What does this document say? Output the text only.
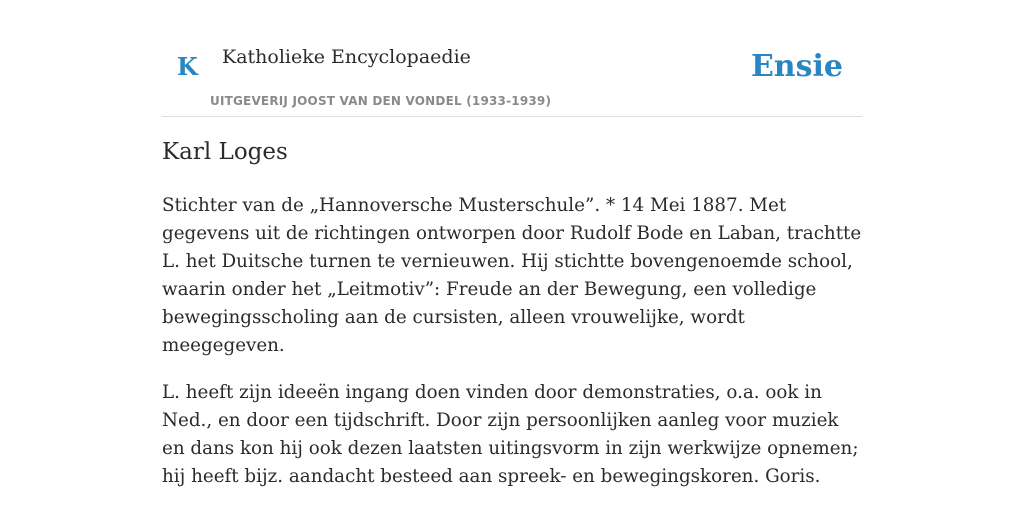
K Katholieke Encyclopaedie
UITGEVERIJ JOOST VAN DEN VONDEL (1933-1939)
Ensie
Karl Loges

Stichter van de „Hannoversche Musterschule”. * 14 Mei 1887. Met gegevens uit de richtingen ontworpen door Rudolf Bode en Laban, trachtte L. het Duitsche turnen te vernieuwen. Hij stichtte bovengenoemde school, waarin onder het „Leitmotiv”: Freude an der Bewegung, een volledige bewegingsscholing aan de cursisten, alleen vrouwelijke, wordt meegegeven.

L. heeft zijn ideeën ingang doen vinden door demonstraties, o.a. ook in Ned., en door een tijdschrift. Door zijn persoonlijken aanleg voor muziek en dans kon hij ook dezen laatsten uitingsvorm in zijn werkwijze opnemen; hij heeft bijz. aandacht besteed aan spreek- en bewegingskoren. Goris.
